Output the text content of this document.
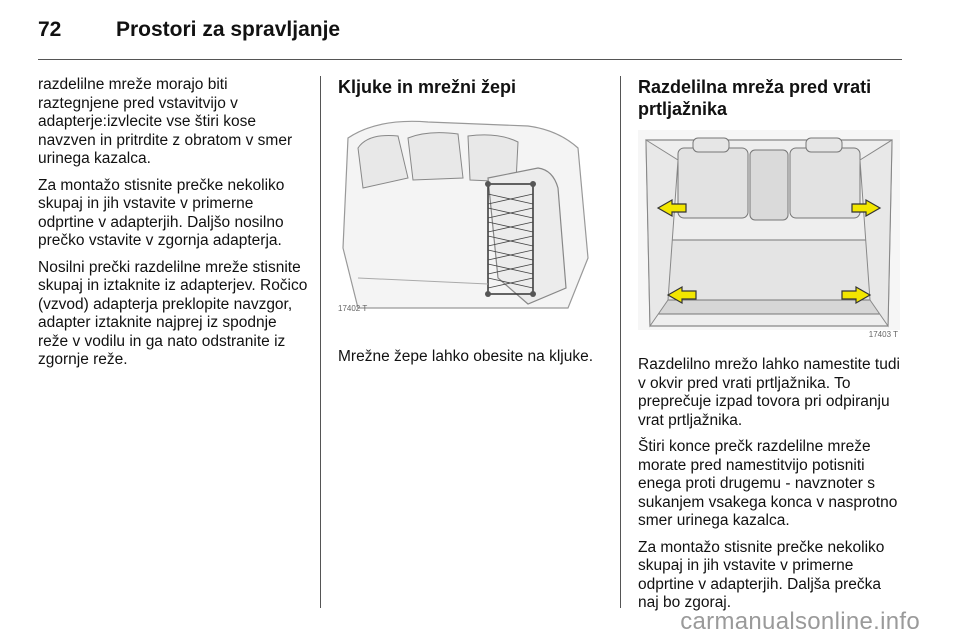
72	Prostori za spravljanje

razdelilne mreže morajo biti raztegnjene pred vstavitvijo v adapterje:izvlecite vse štiri kose navzven in pritrdite z obratom v smer urinega kazalca.

Za montažo stisnite prečke nekoliko skupaj in jih vstavite v primerne odprtine v adapterjih. Daljšo nosilno prečko vstavite v zgornja adapterja.

Nosilni prečki razdelilne mreže stisnite skupaj in iztaknite iz adapterjev. Ročico (vzvod) adapterja preklopite navzgor, adapter iztaknite najprej iz spodnje reže v vodilu in ga nato odstranite iz zgornje reže.

Kljuke in mrežni žepi
17402 T

Mrežne žepe lahko obesite na kljuke.

Razdelilna mreža pred vrati prtljažnika
17403 T

Razdelilno mrežo lahko namestite tudi v okvir pred vrati prtljažnika. To preprečuje izpad tovora pri odpiranju vrat prtljažnika.

Štiri konce prečk razdelilne mreže morate pred namestitvijo potisniti enega proti drugemu - navznoter s sukanjem vsakega konca v nasprotno smer urinega kazalca.

Za montažo stisnite prečke nekoliko skupaj in jih vstavite v primerne odprtine v adapterjih. Daljša prečka naj bo zgoraj.

carmanualsonline.info
